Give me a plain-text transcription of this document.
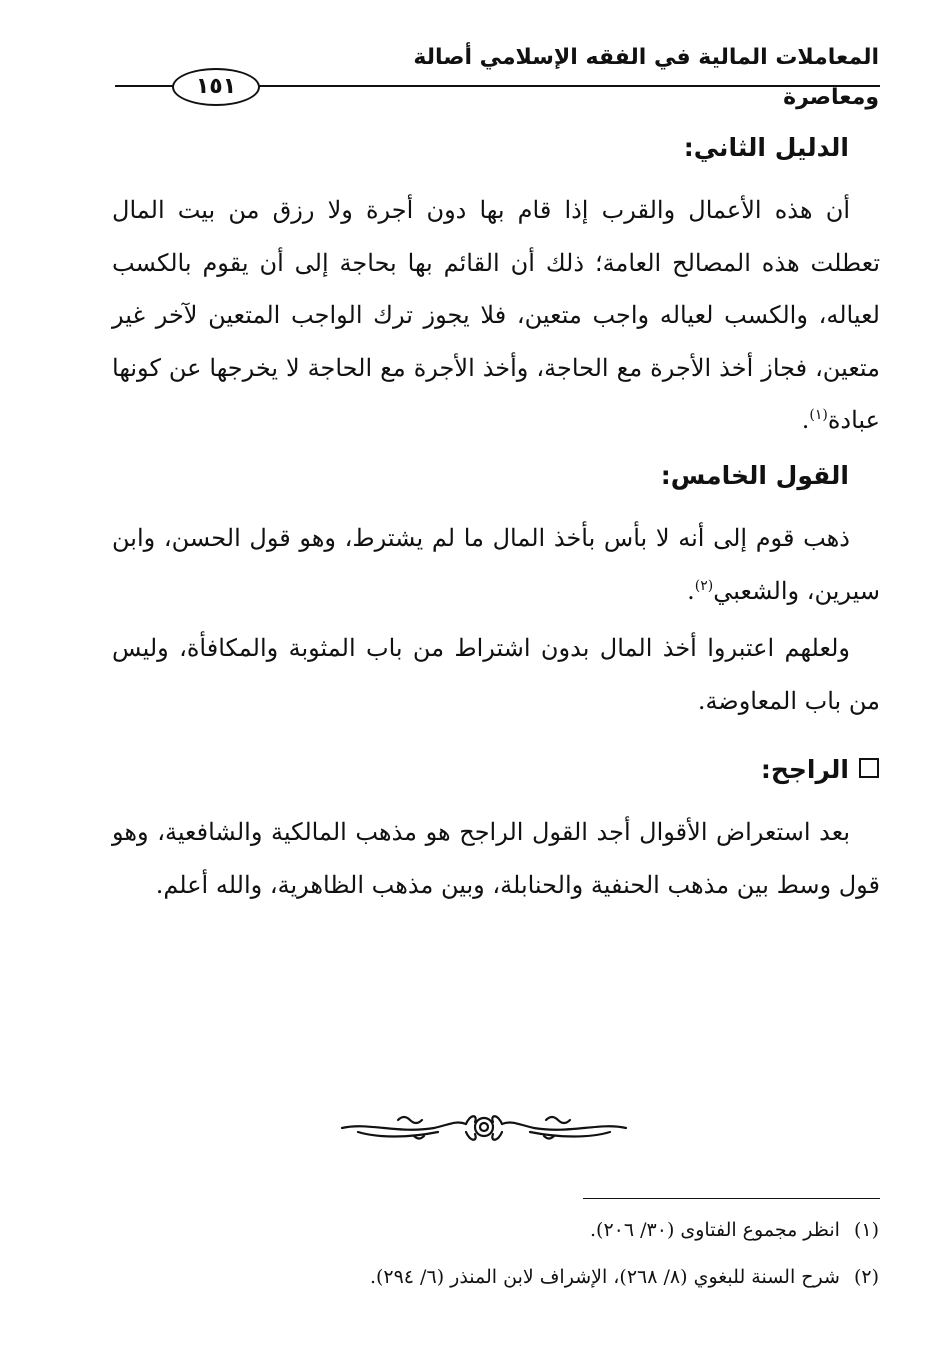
المعاملات المالية في الفقه الإسلامي أصالة ومعاصرة
١٥١
الدليل الثاني:

أن هذه الأعمال والقرب إذا قام بها دون أجرة ولا رزق من بيت المال تعطلت هذه المصالح العامة؛ ذلك أن القائم بها بحاجة إلى أن يقوم بالكسب لعياله، والكسب لعياله واجب متعين، فلا يجوز ترك الواجب المتعين لآخر غير متعين، فجاز أخذ الأجرة مع الحاجة، وأخذ الأجرة مع الحاجة لا يخرجها عن كونها عبادة$^{(١)}$.

القول الخامس:

ذهب قوم إلى أنه لا بأس بأخذ المال ما لم يشترط، وهو قول الحسن، وابن سيرين، والشعبي$^{(٢)}$.

ولعلهم اعتبروا أخذ المال بدون اشتراط من باب المثوبة والمكافأة، وليس من باب المعاوضة.

الراجح:

بعد استعراض الأقوال أجد القول الراجح هو مذهب المالكية والشافعية، وهو قول وسط بين مذهب الحنفية والحنابلة، وبين مذهب الظاهرية، والله أعلم.

(١)انظر مجموع الفتاوى (٣٠/ ٢٠٦).
(٢)شرح السنة للبغوي (٨/ ٢٦٨)، الإشراف لابن المنذر (٦/ ٢٩٤).
